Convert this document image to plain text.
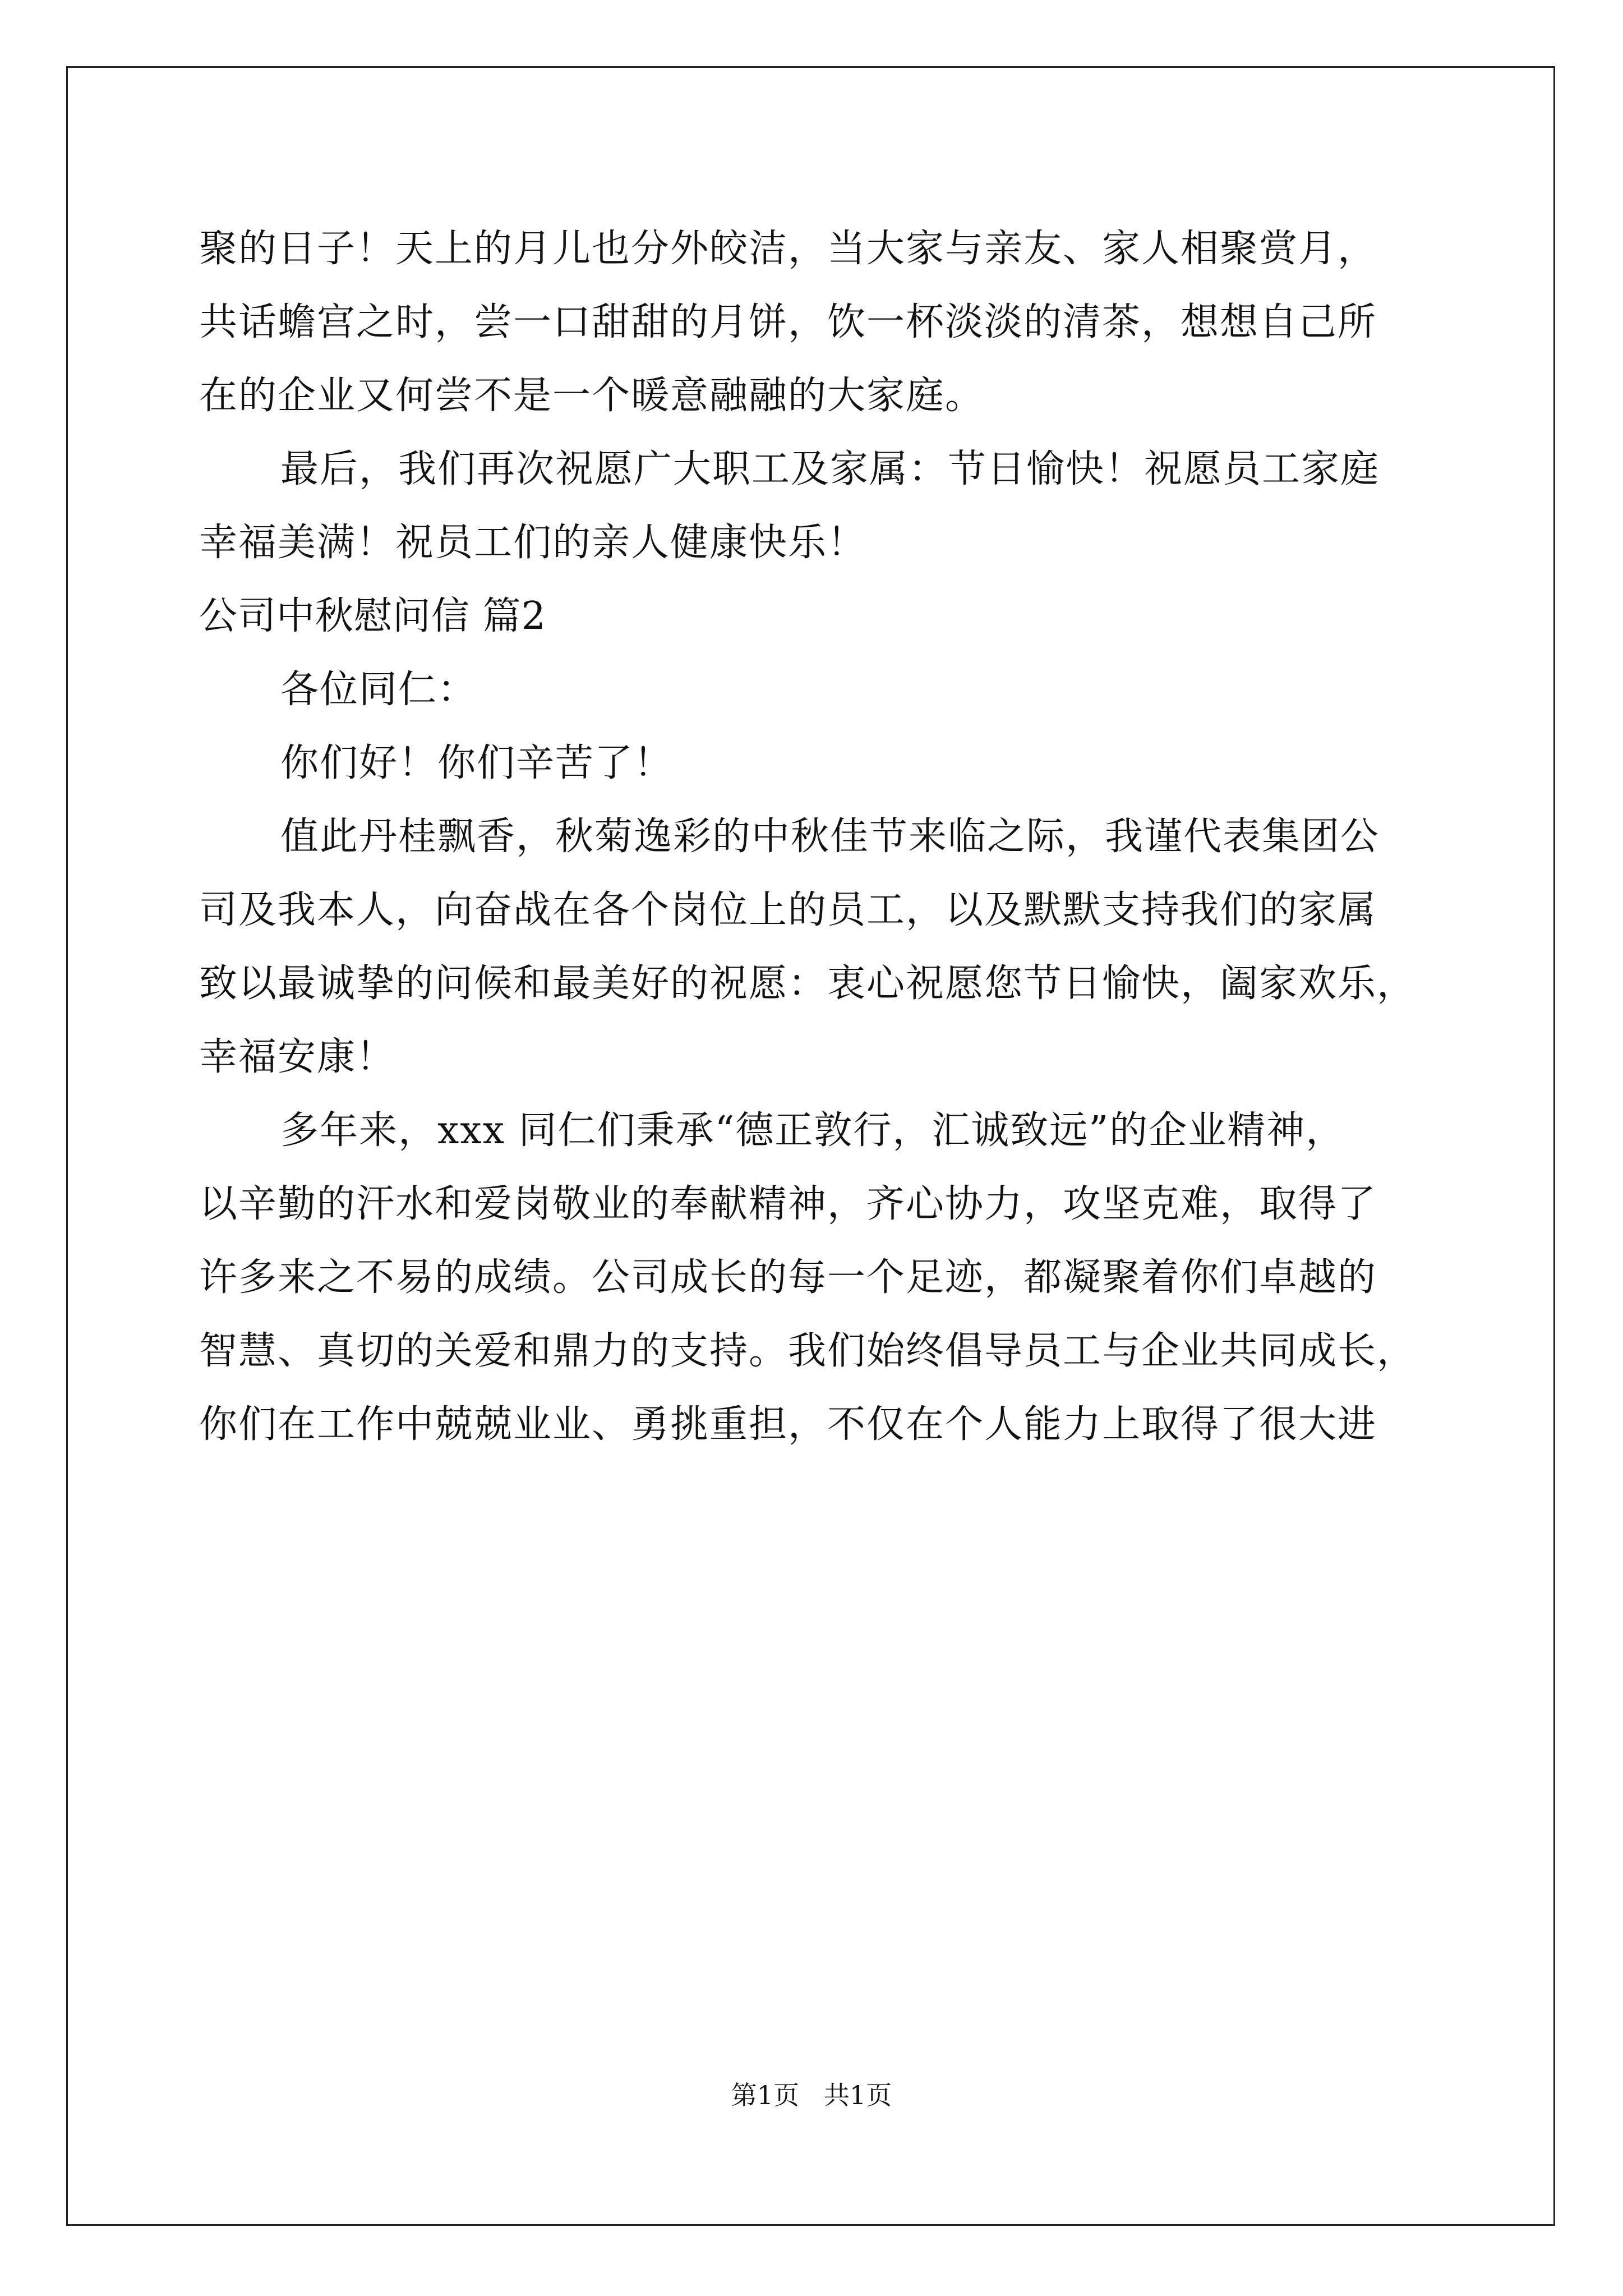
聚的日子！天上的月儿也分外皎洁，当大家与亲友、家人相聚赏月，
共话蟾宫之时，尝一口甜甜的月饼，饮一杯淡淡的清茶，想想自己所
在的企业又何尝不是一个暖意融融的大家庭。
最后，我们再次祝愿广大职工及家属：节日愉快！祝愿员工家庭
幸福美满！祝员工们的亲人健康快乐！
公司中秋慰问信 篇2
各位同仁：
你们好！你们辛苦了！
值此丹桂飘香，秋菊逸彩的中秋佳节来临之际，我谨代表集团公
司及我本人，向奋战在各个岗位上的员工，以及默默支持我们的家属
致以最诚挚的问候和最美好的祝愿：衷心祝愿您节日愉快，阖家欢乐，
幸福安康！
多年来，xxx 同仁们秉承“德正敦行，汇诚致远”的企业精神，
以辛勤的汗水和爱岗敬业的奉献精神，齐心协力，攻坚克难，取得了
许多来之不易的成绩。公司成长的每一个足迹，都凝聚着你们卓越的
智慧、真切的关爱和鼎力的支持。我们始终倡导员工与企业共同成长，
你们在工作中兢兢业业、勇挑重担，不仅在个人能力上取得了很大进
第1页   共1页
